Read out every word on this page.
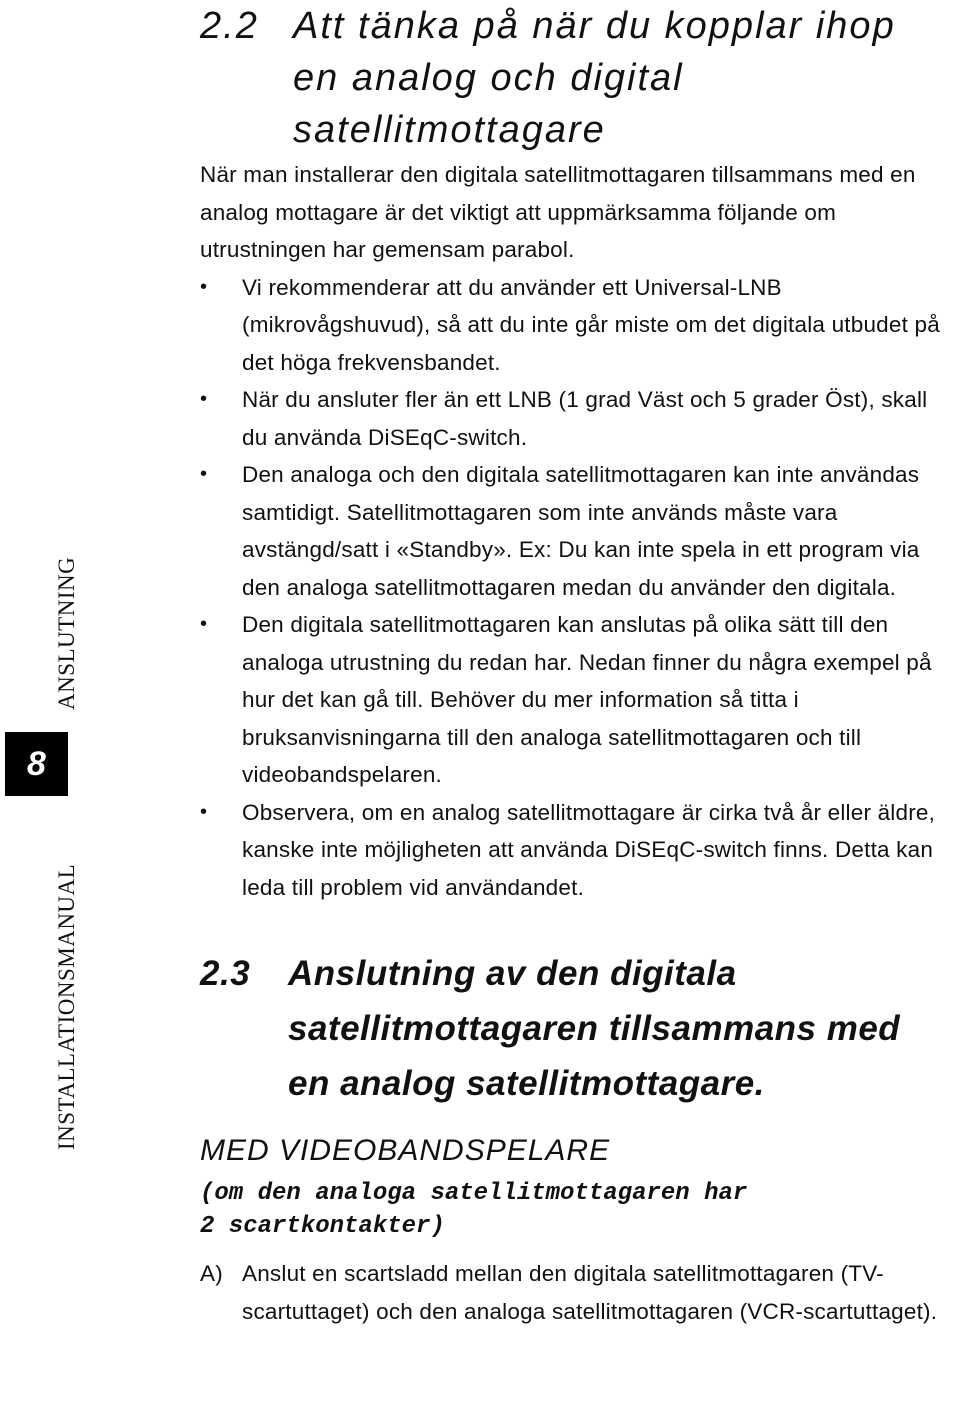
ANSLUTNING
8
INSTALLATIONSMANUAL
2.2 Att tänka på när du kopplar ihop en analog och digital satellitmottagare

När man installerar den digitala satellitmottagaren tillsammans med en analog mottagare är det viktigt att uppmärksamma följande om utrustningen har gemensam parabol.

• Vi rekommenderar att du använder ett Universal-LNB (mikrovågshuvud), så att du inte går miste om det digitala utbudet på det höga frekvensbandet.
• När du ansluter fler än ett LNB (1 grad Väst och 5 grader Öst), skall du använda DiSEqC-switch.
• Den analoga och den digitala satellitmottagaren kan inte användas samtidigt. Satellitmottagaren som inte används måste vara avstängd/satt i «Standby». Ex: Du kan inte spela in ett program via den analoga satellitmottagaren medan du använder den digitala.
• Den digitala satellitmottagaren kan anslutas på olika sätt till den analoga utrustning du redan har. Nedan finner du några exempel på hur det kan gå till. Behöver du mer information så titta i bruksanvisningarna till den analoga satellitmottagaren och till videobandspelaren.
• Observera, om en analog satellitmottagare är cirka två år eller äldre, kanske inte möjligheten att använda DiSEqC-switch finns. Detta kan leda till problem vid användandet.
2.3	Anslutning av den digitala satellitmottagaren tillsammans med en analog satellitmottagare.
MED VIDEOBANDSPELARE
(om den analoga satellitmottagaren har
2 scartkontakter)
A) Anslut en scartsladd mellan den digitala satellitmottagaren (TV-scartuttaget) och den analoga satellitmottagaren (VCR-scartuttaget).
